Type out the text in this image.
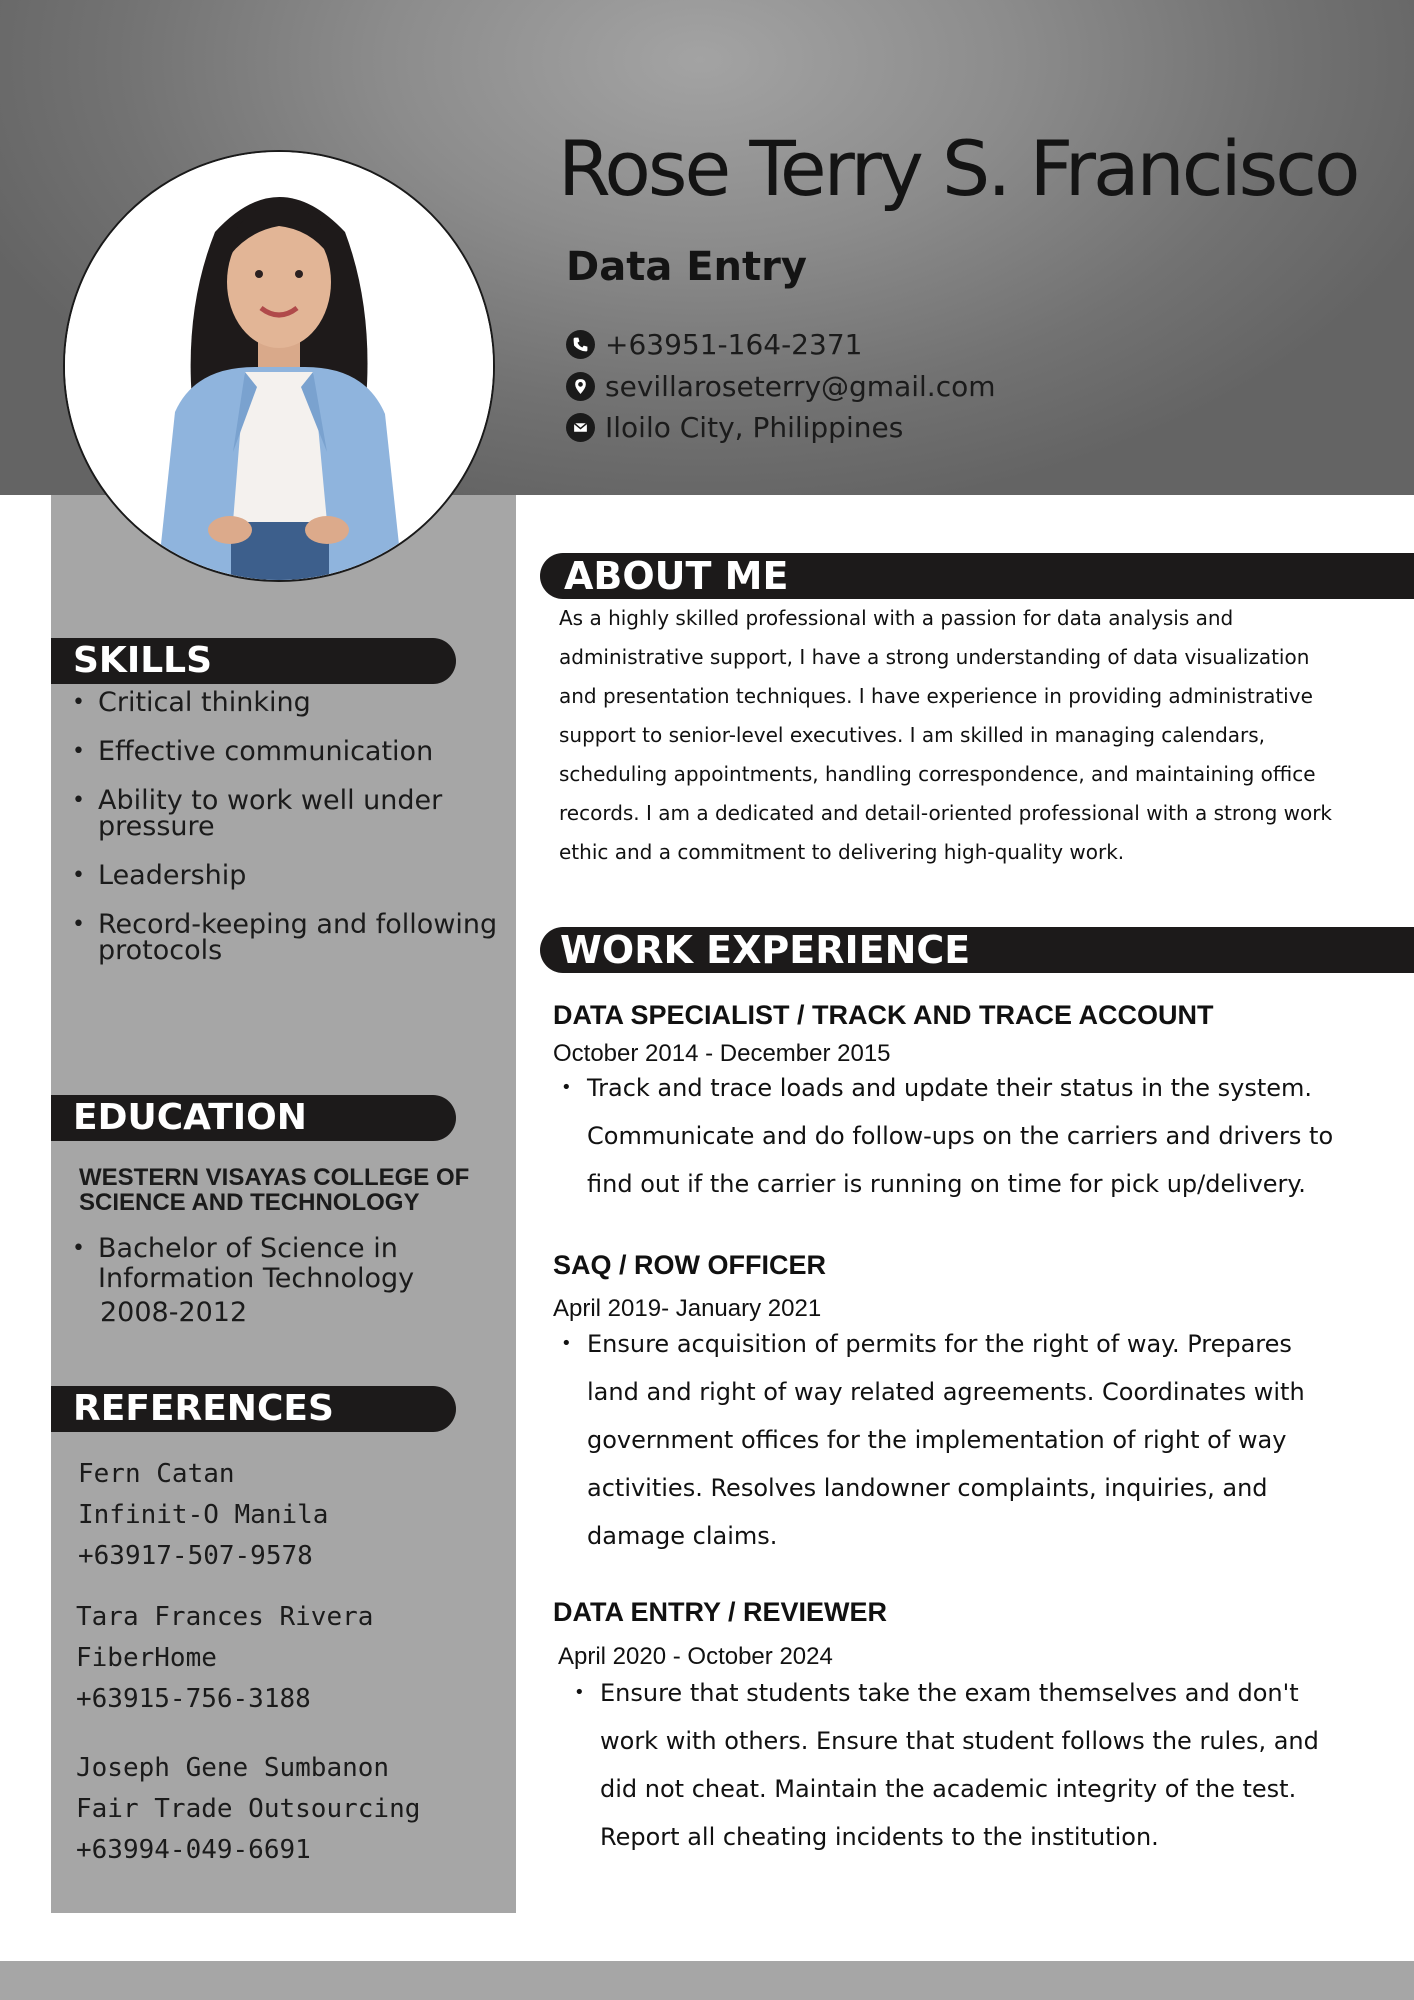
Rose Terry S. Francisco
Data Entry
+63951-164-2371
sevillaroseterry@gmail.com
Iloilo City, Philippines
SKILLS
• Critical thinking
• Effective communication
• Ability to work well under pressure
• Leadership
• Record-keeping and following protocols
EDUCATION
WESTERN VISAYAS COLLEGE OF SCIENCE AND TECHNOLOGY
• Bachelor of Science in Information Technology
2008-2012
REFERENCES
Fern Catan
Infinit-O Manila
+63917-507-9578
Tara Frances Rivera
FiberHome
+63915-756-3188
Joseph Gene Sumbanon
Fair Trade Outsourcing
+63994-049-6691
ABOUT ME
As a highly skilled professional with a passion for data analysis and administrative support, I have a strong understanding of data visualization and presentation techniques. I have experience in providing administrative support to senior-level executives. I am skilled in managing calendars, scheduling appointments, handling correspondence, and maintaining office records. I am a dedicated and detail-oriented professional with a strong work ethic and a commitment to delivering high-quality work.
WORK EXPERIENCE
DATA SPECIALIST / TRACK AND TRACE ACCOUNT
October 2014 - December 2015
• Track and trace loads and update their status in the system. Communicate and do follow-ups on the carriers and drivers to find out if the carrier is running on time for pick up/delivery.
SAQ / ROW OFFICER
April 2019- January 2021
• Ensure acquisition of permits for the right of way. Prepares land and right of way related agreements. Coordinates with government offices for the implementation of right of way activities. Resolves landowner complaints, inquiries, and damage claims.
DATA ENTRY / REVIEWER
April 2020 - October 2024
• Ensure that students take the exam themselves and don't work with others. Ensure that student follows the rules, and did not cheat. Maintain the academic integrity of the test. Report all cheating incidents to the institution.
